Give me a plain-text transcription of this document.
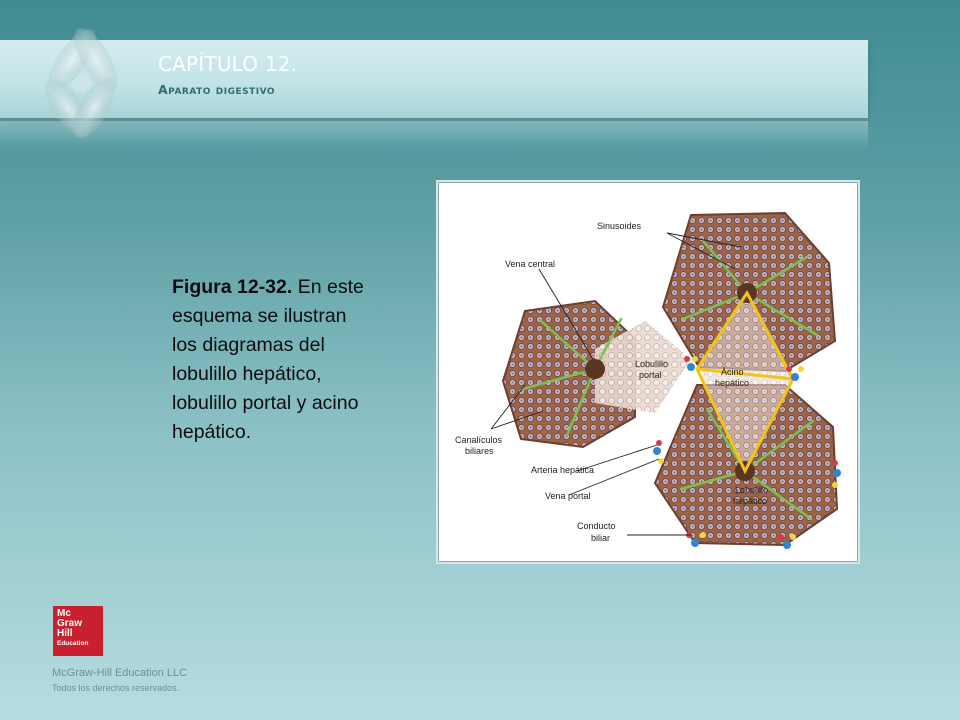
CAPÍTULO 12.
Aparato digestivo

Figura 12-32. En este esquema se ilustran los diagramas del lobulillo hepático, lobulillo portal y acino hepático.

Sinusoides
Vena central
Lobulillo
portal	Ácino
hepático
Canalículos
biliares
Arteria hepática
Vena portal
Lobulillo
hepático
Conducto
biliar
Mc
Graw
Hill
Education

McGraw-Hill Education LLC

Todos los derechos reservados.
